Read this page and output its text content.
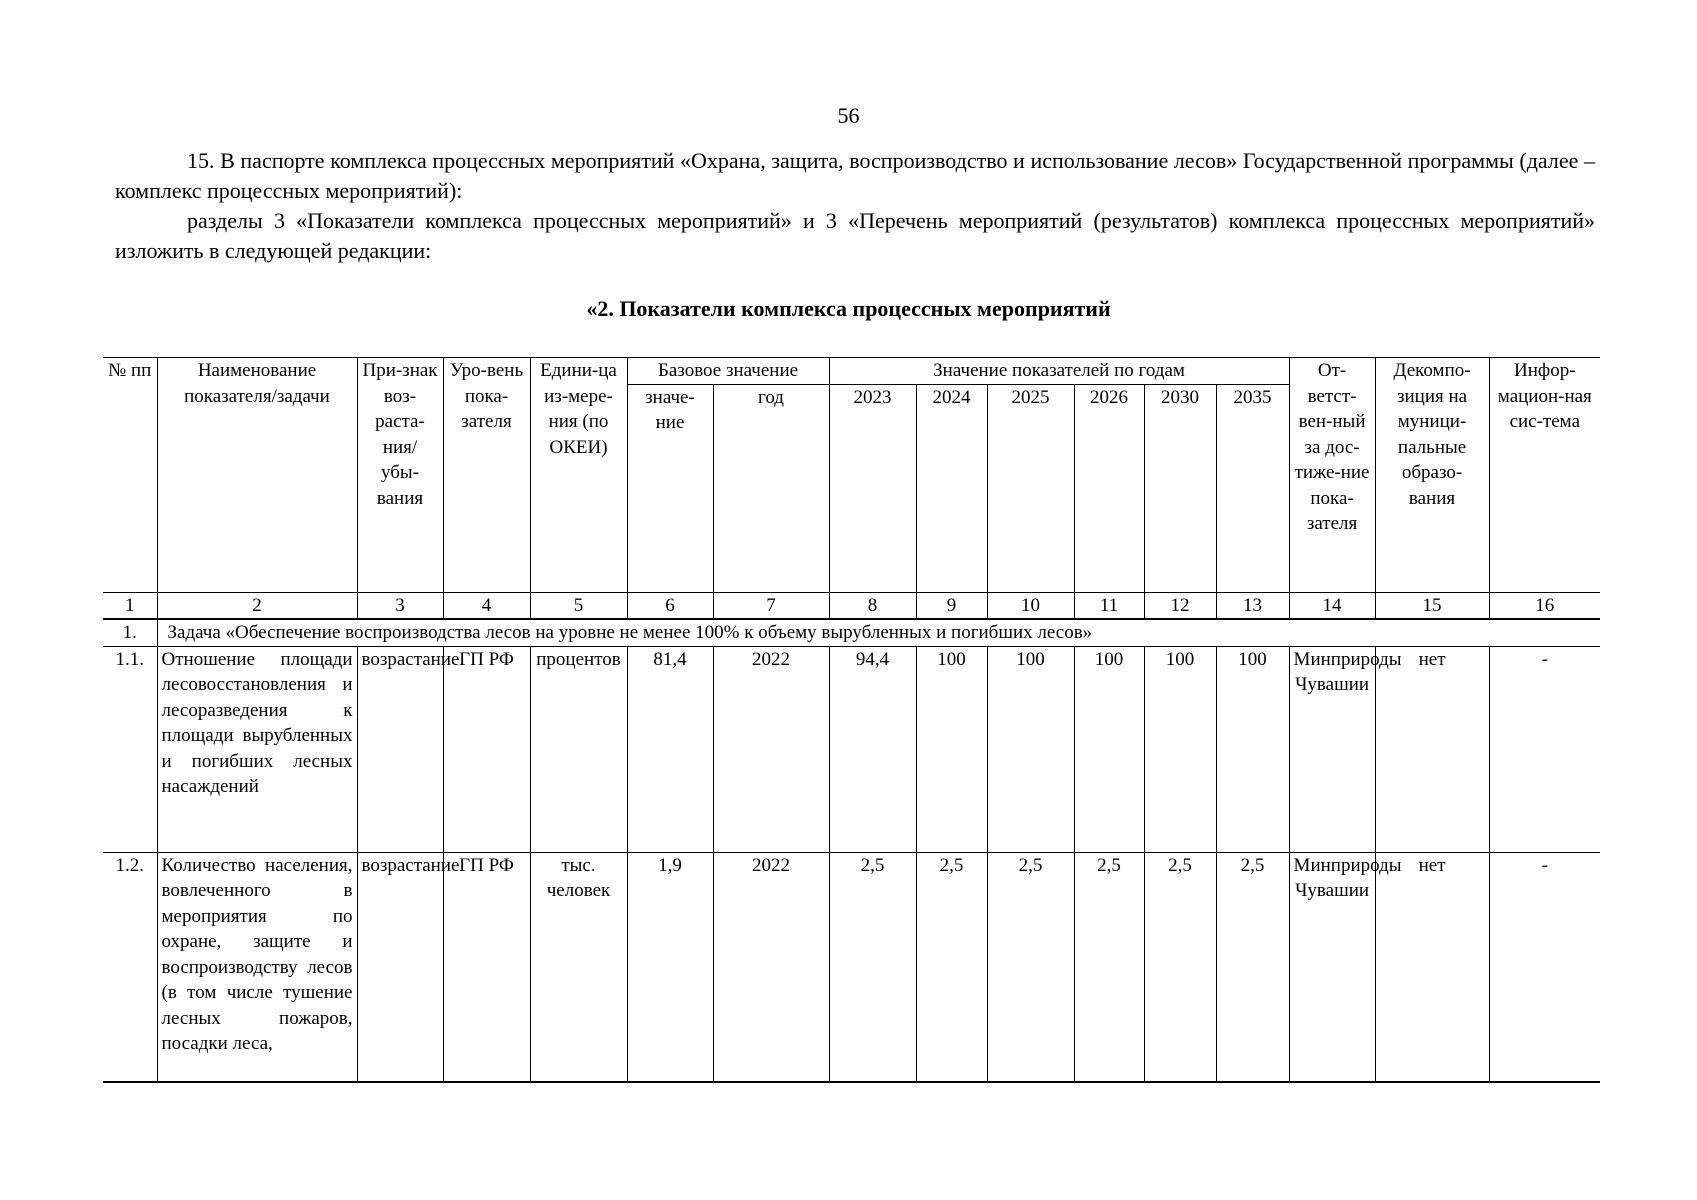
56

15. В паспорте комплекса процессных мероприятий «Охрана, защита, воспроизводство и использование лесов» Государственной программы (далее – комплекс процессных мероприятий):

разделы 3 «Показатели комплекса процессных мероприятий» и 3 «Перечень мероприятий (результатов) комплекса процессных мероприятий» изложить в следующей редакции:

«2. Показатели комплекса процессных мероприятий
№ пп	Наименование показателя/задачи	При-знак воз-раста-ния/ убы-вания	Уро-вень пока-зателя	Едини-ца из-мере-ния (по ОКЕИ)	Базовое значение		Значение показателей по годам						От-ветст-вен-ный за дос-тиже-ние пока-зателя	Декомпо-зиция на муници-пальные образо-вания	Инфор-мацион-ная сис-тема
					значе-ние	год	2023	2024	2025	2026	2030	2035			
1	2	3	4	5	6	7	8	9	10	11	12	13	14	15	16
1.	Задача «Обеспечение воспроизводства лесов на уровне не менее 100% к объему вырубленных и погибших лесов»														
1.1.	Отношение площади лесовосстановления и лесоразведения к площади вырубленных и погибших лесных насаждений	возрастание	ГП РФ	процентов	81,4	2022	94,4	100	100	100	100	100	Минприроды Чувашии	нет	-
1.2.	Количество населения, вовлеченного в мероприятия по охране, защите и воспроизводству лесов (в том числе тушение лесных пожаров, посадки леса,	возрастание	ГП РФ	тыс. человек	1,9	2022	2,5	2,5	2,5	2,5	2,5	2,5	Минприроды Чувашии	нет	-
